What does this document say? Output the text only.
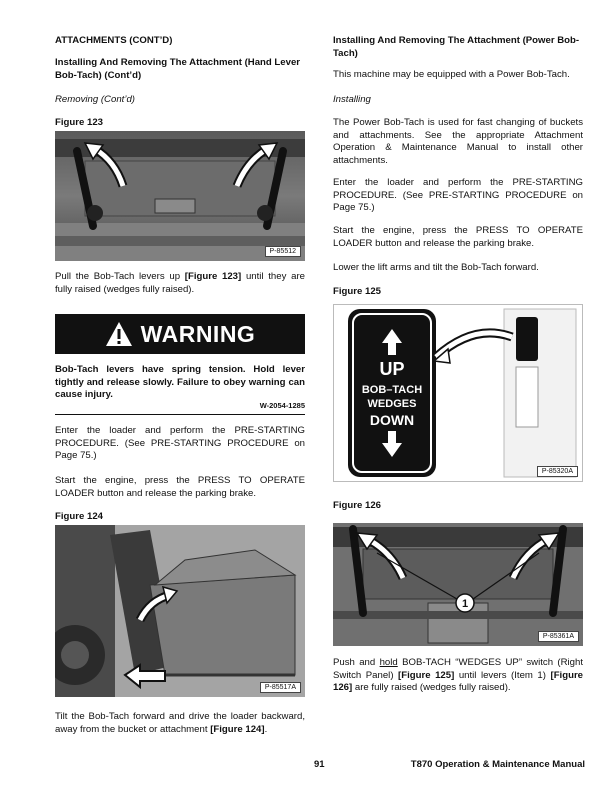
ATTACHMENTS (CONT’D)
Installing And Removing The Attachment (Hand Lever Bob-Tach) (Cont’d)
Removing (Cont’d)
Figure 123
P-85512

Pull the Bob-Tach levers up [Figure 123] until they are fully raised (wedges fully raised).

WARNING

Bob-Tach levers have spring tension. Hold lever tightly and release slowly. Failure to obey warning can cause injury.

W-2054-1285

Enter the loader and perform the PRE-STARTING PROCEDURE. (See PRE-STARTING PROCEDURE on Page 75.)

Start the engine, press the PRESS TO OPERATE LOADER button and release the parking brake.

Figure 124
P-85517A

Tilt the Bob-Tach forward and drive the loader backward, away from the bucket or attachment [Figure 124].

Installing And Removing The Attachment (Power Bob-Tach)

This machine may be equipped with a Power Bob-Tach.

Installing

The Power Bob-Tach is used for fast changing of buckets and attachments. See the appropriate Attachment Operation & Maintenance Manual to install other attachments.

Enter the loader and perform the PRE-STARTING PROCEDURE. (See PRE-STARTING PROCEDURE on Page 75.)

Start the engine, press the PRESS TO OPERATE LOADER button and release the parking brake.

Lower the lift arms and tilt the Bob-Tach forward.

Figure 125
UP
BOB–TACH
WEDGES
DOWN
P-85320A
Figure 126
1
P-85361A

Push and hold BOB-TACH “WEDGES UP” switch (Right Switch Panel) [Figure 125] until levers (Item 1) [Figure 126] are fully raised (wedges fully raised).

91	T870 Operation & Maintenance Manual
